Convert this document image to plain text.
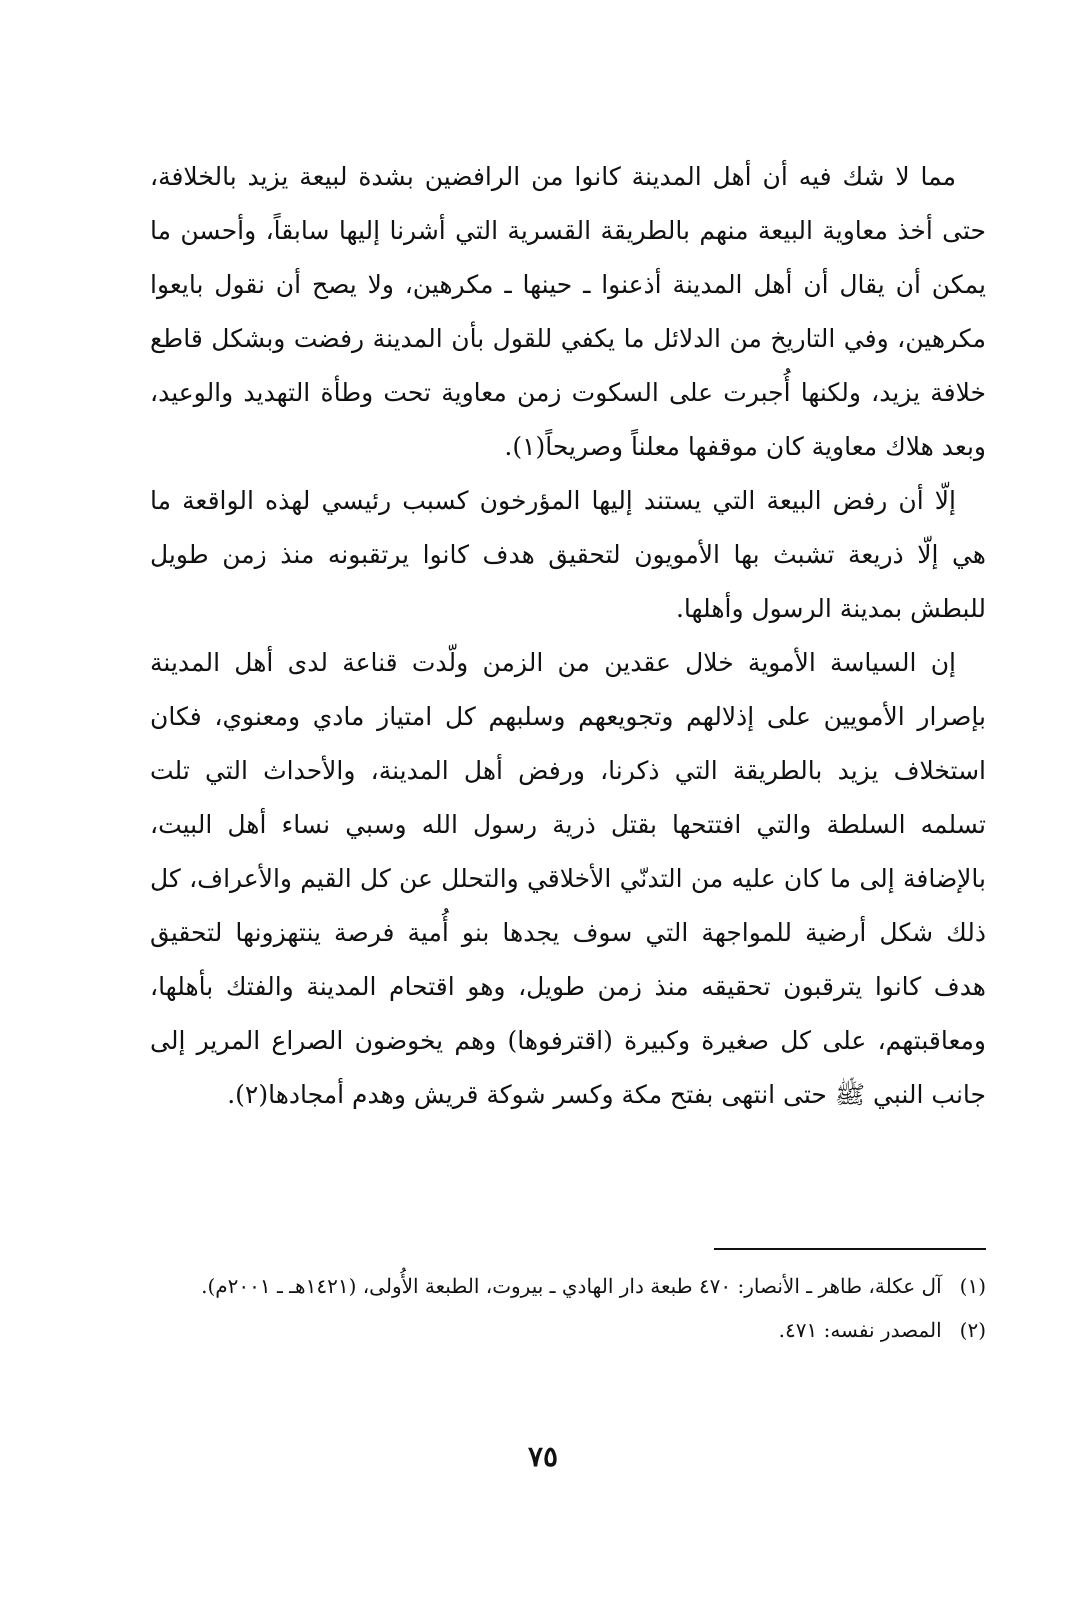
مما لا شك فيه أن أهل المدينة كانوا من الرافضين بشدة لبيعة يزيد بالخلافة، حتى أخذ معاوية البيعة منهم بالطريقة القسرية التي أشرنا إليها سابقاً، وأحسن ما يمكن أن يقال أن أهل المدينة أذعنوا ـ حينها ـ مكرهين، ولا يصح أن نقول بايعوا مكرهين، وفي التاريخ من الدلائل ما يكفي للقول بأن المدينة رفضت وبشكل قاطع خلافة يزيد، ولكنها أُجبرت على السكوت زمن معاوية تحت وطأة التهديد والوعيد، وبعد هلاك معاوية كان موقفها معلناً وصريحاً(١).

إلّا أن رفض البيعة التي يستند إليها المؤرخون كسبب رئيسي لهذه الواقعة ما هي إلّا ذريعة تشبث بها الأمويون لتحقيق هدف كانوا يرتقبونه منذ زمن طويل للبطش بمدينة الرسول وأهلها.

إن السياسة الأموية خلال عقدين من الزمن ولّدت قناعة لدى أهل المدينة بإصرار الأمويين على إذلالهم وتجويعهم وسلبهم كل امتياز مادي ومعنوي، فكان استخلاف يزيد بالطريقة التي ذكرنا، ورفض أهل المدينة، والأحداث التي تلت تسلمه السلطة والتي افتتحها بقتل ذرية رسول الله وسبي نساء أهل البيت، بالإضافة إلى ما كان عليه من التدنّي الأخلاقي والتحلل عن كل القيم والأعراف، كل ذلك شكل أرضية للمواجهة التي سوف يجدها بنو أُمية فرصة ينتهزونها لتحقيق هدف كانوا يترقبون تحقيقه منذ زمن طويل، وهو اقتحام المدينة والفتك بأهلها، ومعاقبتهم، على كل صغيرة وكبيرة (اقترفوها) وهم يخوضون الصراع المرير إلى جانب النبي ﷺ حتى انتهى بفتح مكة وكسر شوكة قريش وهدم أمجادها(٢).

(١) آل عكلة، طاهر ـ الأنصار: ٤٧٠ طبعة دار الهادي ـ بيروت، الطبعة الأُولى، (١٤٢١هـ ـ ٢٠٠١م).

(٢) المصدر نفسه: ٤٧١.

٧٥
